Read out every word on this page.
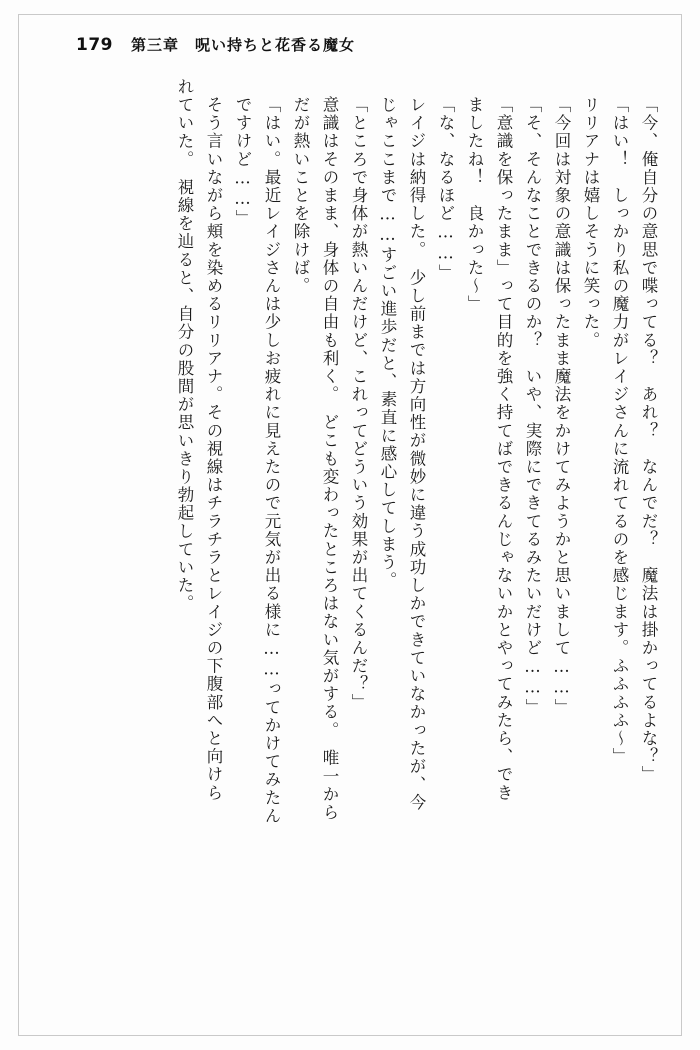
179 第三章　呪い持ちと花香る魔女
「今、俺自分の意思で喋ってる？　あれ？　なんでだ？　魔法は掛かってるよな？」
「はい！　しっかり私の魔力がレイジさんに流れてるのを感じます。ふふふふ～」
リリアナは嬉しそうに笑った。
「今回は対象の意識は保ったまま魔法をかけてみようかと思いまして……」
「そ、そんなことできるのか？　いや、実際にできてるみたいだけど……」
「意識を保ったまま」って目的を強く持てばできるんじゃないかとやってみたら、でき
ましたね！　良かった～」
「な、なるほど……」
レイジは納得した。　少し前までは方向性が微妙に違う成功しかできていなかったが、今
じゃここまで……すごい進歩だと、素直に感心してしまう。
「ところで身体が熱いんだけど、これってどういう効果が出てくるんだ？」
意識はそのまま、身体の自由も利く。　どこも変わったところはない気がする。　唯一から
だが熱いことを除けば。
「はい。最近レイジさんは少しお疲れに見えたので元気が出る様に……ってかけてみたん
ですけど……」
そう言いながら頬を染めるリリアナ。その視線はチラチラとレイジの下腹部へと向けら
れていた。　視線を辿ると、自分の股間が思いきり勃起していた。
